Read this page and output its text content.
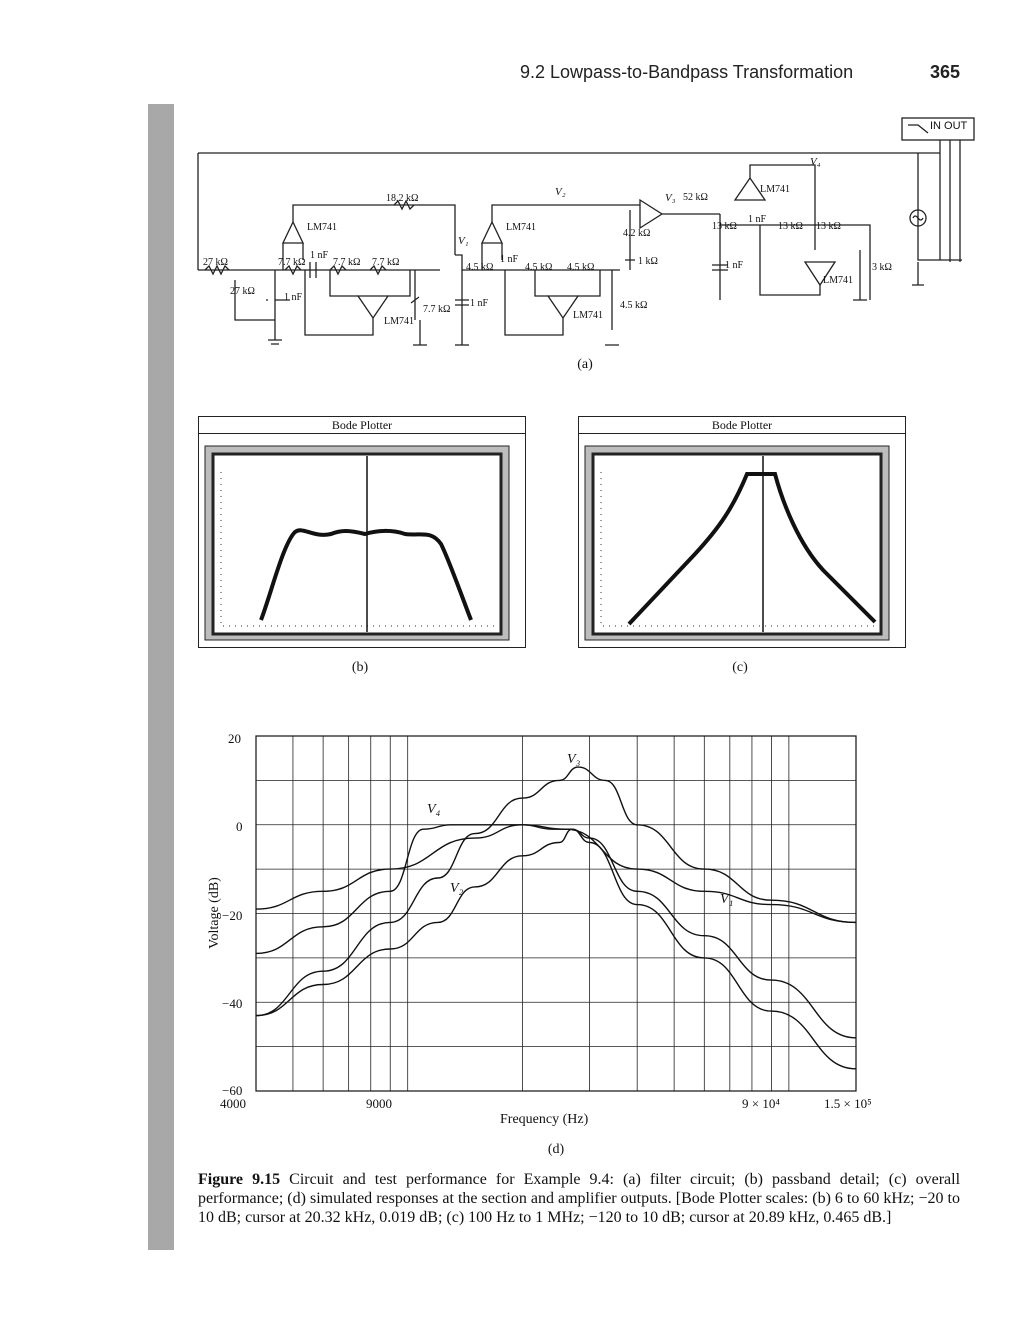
9.2 Lowpass-to-Bandpass Transformation	365
27 kΩ
27 kΩ
1 nF
7.7 kΩ
1 nF
7.7 kΩ 7.7 kΩ
18.2 kΩ
7.7 kΩ
1 nF
4.5 kΩ
1 nF
4.5 kΩ 4.5 kΩ
4.5 kΩ
4.2 kΩ
1 kΩ
52 kΩ
13 kΩ
1 nF
13 kΩ 13 kΩ
1 nF	3 kΩ
LM741
LM741
LM741
LM741
LM741
LM741
V₁
V₂	V₃
V₄
IN OUT
(a)
Bode Plotter
(b)
Bode Plotter
(c)
4000	9000	9 × 10⁴	1.5 × 10⁵
20
0
−20
−40
−60
Frequency (Hz)
Voltage (dB)
V₃
V₄
V₂
V₁
(d)
Figure 9.15 Circuit and test performance for Example 9.4: (a) filter circuit; (b) passband detail; (c) overall performance; (d) simulated responses at the section and amplifier outputs. [Bode Plotter scales: (b) 6 to 60 kHz; −20 to 10 dB; cursor at 20.32 kHz, 0.019 dB; (c) 100 Hz to 1 MHz; −120 to 10 dB; cursor at 20.89 kHz, 0.465 dB.]
